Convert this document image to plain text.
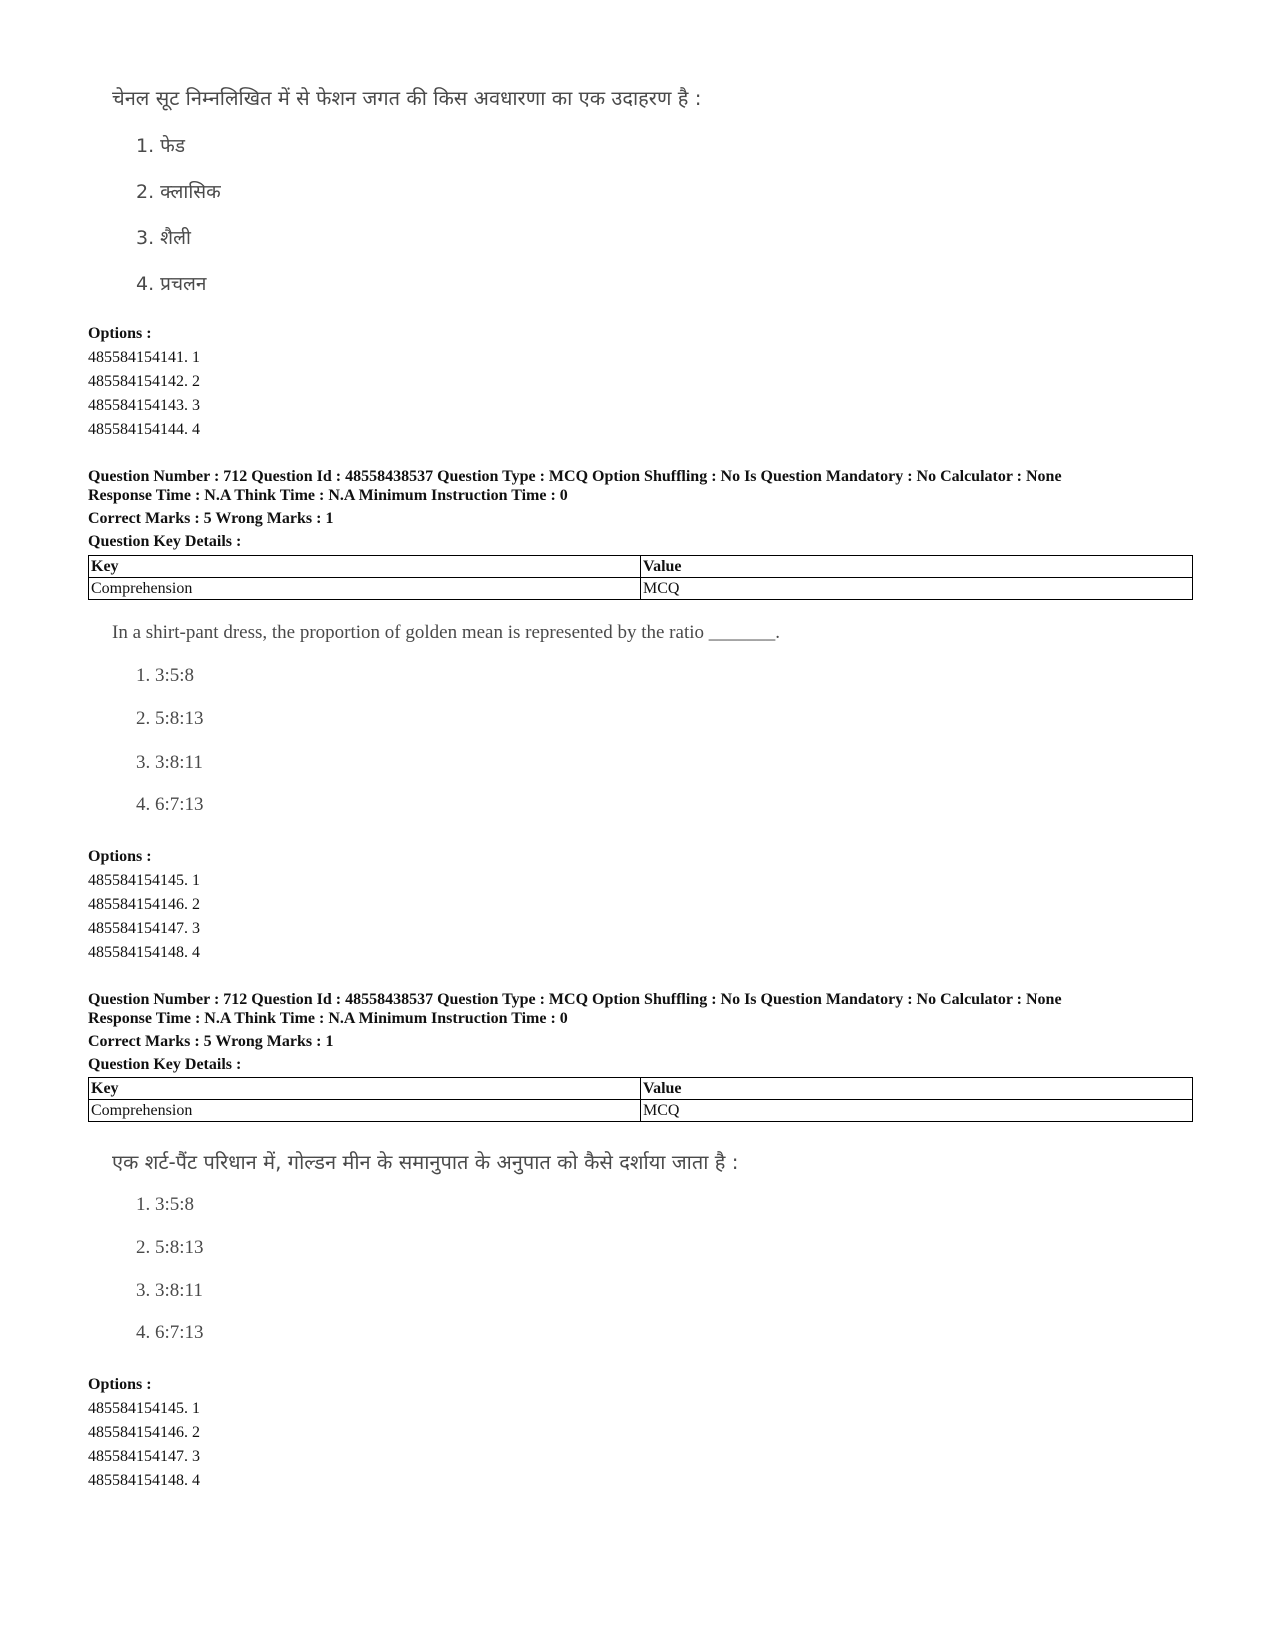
चेनल सूट निम्नलिखित में से फेशन जगत की किस अवधारणा का एक उदाहरण है :
1. फेड
2. क्लासिक
3. शैली
4. प्रचलन
Options :
485584154141. 1
485584154142. 2
485584154143. 3
485584154144. 4
Question Number : 712 Question Id : 48558438537 Question Type : MCQ Option Shuffling : No Is Question Mandatory : No Calculator : None
Response Time : N.A Think Time : N.A Minimum Instruction Time : 0
Correct Marks : 5 Wrong Marks : 1
Question Key Details :
Key	Value
Comprehension	MCQ
In a shirt-pant dress, the proportion of golden mean is represented by the ratio _______.
1. 3:5:8
2. 5:8:13
3. 3:8:11
4. 6:7:13
Options :
485584154145. 1
485584154146. 2
485584154147. 3
485584154148. 4
Question Number : 712 Question Id : 48558438537 Question Type : MCQ Option Shuffling : No Is Question Mandatory : No Calculator : None
Response Time : N.A Think Time : N.A Minimum Instruction Time : 0
Correct Marks : 5 Wrong Marks : 1
Question Key Details :
Key	Value
Comprehension	MCQ
एक शर्ट-पैंट परिधान में, गोल्डन मीन के समानुपात के अनुपात को कैसे दर्शाया जाता है :
1. 3:5:8
2. 5:8:13
3. 3:8:11
4. 6:7:13
Options :
485584154145. 1
485584154146. 2
485584154147. 3
485584154148. 4
